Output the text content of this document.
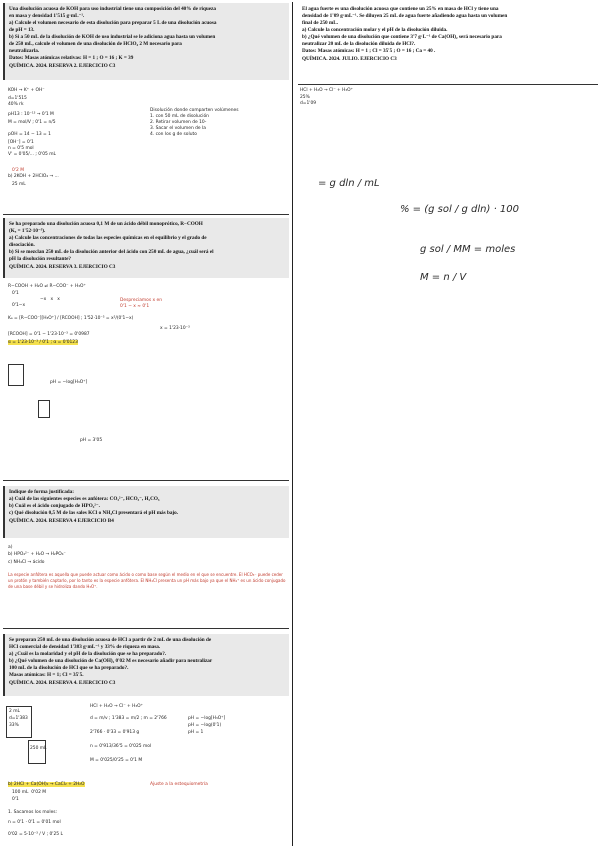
Una disolución acuosa de KOH para uso industrial tiene una composición del 40% de riqueza

en masa y densidad 1'515 g·mL⁻¹.

a) Calcule el volumen necesario de esta disolución para preparar 5 L de una disolución acuosa

de pH = 13.

b) Si a 50 mL de la disolución de KOH de uso industrial se le adiciona agua hasta un volumen

de 250 mL, calcule el volumen de una disolución de HClO₄ 2 M necesario para

neutralizarla.

Datos: Masas atómicas relativas: H = 1 ; O = 16 ; K = 39

QUÍMICA. 2024. RESERVA 2. EJERCICIO C3

KOH → K⁺ + OH⁻
d=1'515
40% rk
pH13 : 10⁻¹³ → 0'1 M
M = mol/V ; 0'1 = n/5
pOH = 14 − 13 = 1
[OH⁻] = 0'1
n = 0'5 mol
V' = 0'05/... ; 0'05 mL
b) 2KOH + 2HClO₄ → ...
0'2 M
25 mL
Disolución donde comparten volúmenes
1. con 50 mL de disolución
2. Retirar volumen de 10-
3. Sacar el volumen de la
4. con los g de soluto

Se ha preparado una disolución acuosa 0,1 M de un ácido débil monoprótico, R−COOH

(Kₐ = 1'52·10⁻⁵).

a) Calcule las concentraciones de todas las especies químicas en el equilibrio y el grado de

disociación.

b) Si se mezclan 250 mL de la disolución anterior del ácido con 250 mL de agua, ¿cuál será el

pH la disolución resultante?

QUÍMICA. 2024. RESERVA 3. EJERCICIO C3

R−COOH + H₂O ⇌ R−COO⁻ + H₃O⁺
0'1
−x   x   x
0'1−x
Kₐ = [R−COO⁻][H₃O⁺] / [RCOOH] ; 1'52·10⁻⁵ = x²/(0'1−x)
x = 1'23·10⁻³
[RCOOH] = 0'1 − 1'23·10⁻³ = 0'0987
α = 1'23·10⁻³ / 0'1 ; α = 0'0123
pH = −log[H₃O⁺]
pH = 3'05
Despreciamos x en
0'1 − x ≈ 0'1

Indique de forma justificada:

a) Cuál de las siguientes especies es anfótera: CO₃²⁻, HCO₃⁻, H₂CO₃

b) Cuál es el ácido conjugado de HPO₄²⁻.

c) Qué disolución 0,5 M de las sales KCl o NH₄Cl presentará el pH más bajo.

QUÍMICA. 2024. RESERVA 4 EJERCICIO B4

a)
b) HPO₄²⁻ + H₂O → H₂PO₄⁻
c) NH₄Cl → ácido
La especie anfótera es aquella que puede actuar como ácido o como base según el medio en el que se encuentre. El HCO₃⁻ puede ceder un protón y también captarlo, por lo tanto es la especie anfótera. El NH₄Cl presenta un pH más bajo ya que el NH₄⁺ es un ácido conjugado de una base débil y se hidroliza dando H₃O⁺.

Se preparan 250 mL de una disolución acuosa de HCl a partir de 2 mL de una disolución de

HCl comercial de densidad 1'383 g·mL⁻¹ y 33% de riqueza en masa.

a) ¿Cuál es la molaridad y el pH de la disolución que se ha preparado?.

b) ¿Qué volumen de una disolución de Ca(OH)₂ 0'02 M es necesario añadir para neutralizar

100 mL de la disolución de HCl que se ha preparado?.

Masas atómicas: H = 1; Cl = 35'5.

QUÍMICA. 2024. RESERVA 4. EJERCICIO C3

HCl + H₂O → Cl⁻ + H₃O⁺
2 mL
d=1'383
33%
250 mL
d = m/v ; 1'383 = m/2 ; m = 2'766
2'766 · 0'33 = 0'913 g
n = 0'913/36'5 = 0'025 mol
M = 0'025/0'25 = 0'1 M
pH = −log[H₃O⁺]
pH = −log(0'1)
pH = 1
b) 2HCl + Ca(OH)₂ → CaCl₂ + 2H₂O	Ajuste a la estequiometría
100 mL  0'02 M
0'1
1. Sacamos los moles:
n = 0'1 · 0'1 = 0'01 mol
0'02 = 5·10⁻³ / V ; 0'25 L

El agua fuerte es una disolución acuosa que contiene un 25% en masa de HCl y tiene una

densidad de 1'09 g·mL⁻¹. Se diluyen 25 mL de agua fuerte añadiendo agua hasta un volumen

final de 250 mL.

a) Calcule la concentración molar y el pH de la disolución diluida.

b) ¿Qué volumen de una disolución que contiene 3'7 g·L⁻¹ de Ca(OH)₂ será necesario para

neutralizar 20 mL de la disolución diluida de HCl?.

Datos: Masas atómicas: H = 1 ; Cl = 35'5 ; O = 16 ; Ca = 40 .

QUÍMICA. 2024. JULIO. EJERCICIO C3

HCl + H₂O → Cl⁻ + H₃O⁺
25%
d=1'09
= g dln / mL
% = (g sol / g dln) · 100
g sol / MM = moles
M = n / V
